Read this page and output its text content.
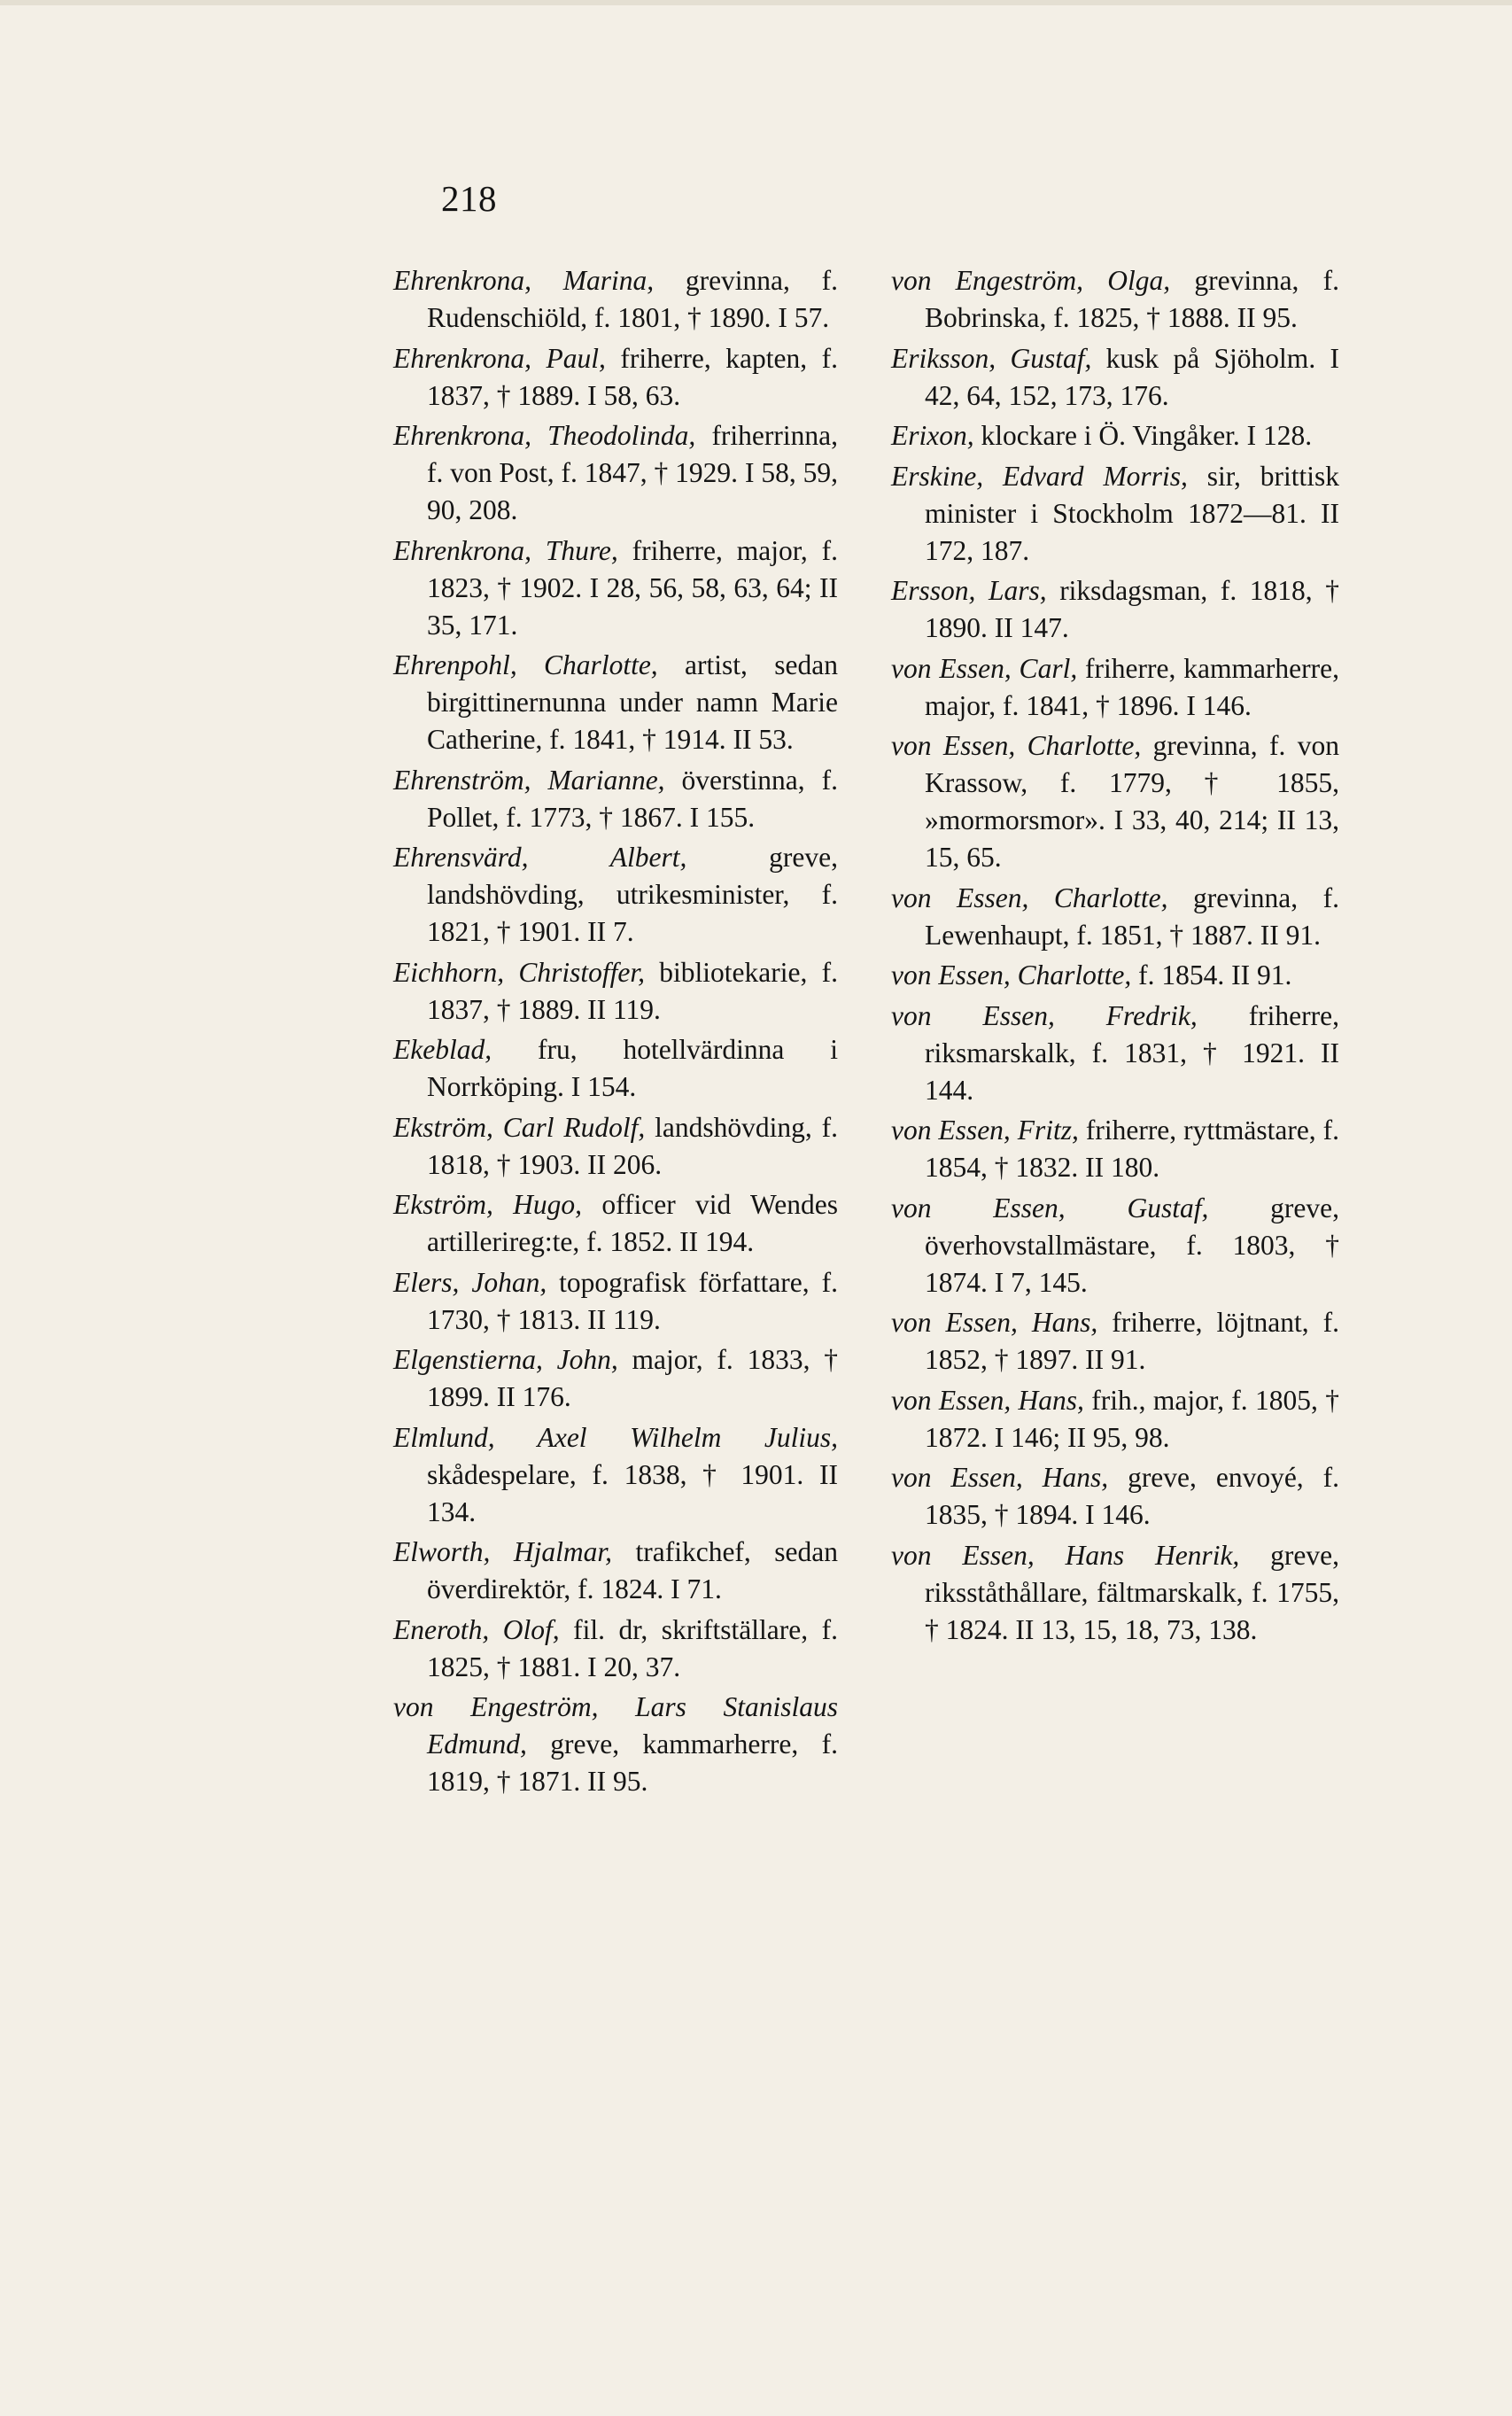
218

Ehrenkrona, Marina, grevinna, f. Rudenschiöld, f. 1801, † 1890. I 57.

Ehrenkrona, Paul, friherre, kapten, f. 1837, † 1889. I 58, 63.

Ehrenkrona, Theodolinda, friherrinna, f. von Post, f. 1847, † 1929. I 58, 59, 90, 208.

Ehrenkrona, Thure, friherre, major, f. 1823, † 1902. I 28, 56, 58, 63, 64; II 35, 171.

Ehrenpohl, Charlotte, artist, sedan birgittinernunna under namn Marie Catherine, f. 1841, † 1914. II 53.

Ehrenström, Marianne, överstinna, f. Pollet, f. 1773, † 1867. I 155.

Ehrensvärd, Albert, greve, landshövding, utrikesminister, f. 1821, † 1901. II 7.

Eichhorn, Christoffer, bibliotekarie, f. 1837, † 1889. II 119.

Ekeblad, fru, hotellvärdinna i Norrköping. I 154.

Ekström, Carl Rudolf, landshövding, f. 1818, † 1903. II 206.

Ekström, Hugo, officer vid Wendes artillerireg:te, f. 1852. II 194.

Elers, Johan, topografisk författare, f. 1730, † 1813. II 119.

Elgenstierna, John, major, f. 1833, † 1899. II 176.

Elmlund, Axel Wilhelm Julius, skådespelare, f. 1838, † 1901. II 134.

Elworth, Hjalmar, trafikchef, sedan överdirektör, f. 1824. I 71.

Eneroth, Olof, fil. dr, skriftställare, f. 1825, † 1881. I 20, 37.

von Engeström, Lars Stanislaus Edmund, greve, kammarherre, f. 1819, † 1871. II 95.

von Engeström, Olga, grevinna, f. Bobrinska, f. 1825, † 1888. II 95.

Eriksson, Gustaf, kusk på Sjöholm. I 42, 64, 152, 173, 176.

Erixon, klockare i Ö. Vingåker. I 128.

Erskine, Edvard Morris, sir, brittisk minister i Stockholm 1872—81. II 172, 187.

Ersson, Lars, riksdagsman, f. 1818, † 1890. II 147.

von Essen, Carl, friherre, kammarherre, major, f. 1841, † 1896. I 146.

von Essen, Charlotte, grevinna, f. von Krassow, f. 1779, † 1855, »mormorsmor». I 33, 40, 214; II 13, 15, 65.

von Essen, Charlotte, grevinna, f. Lewenhaupt, f. 1851, † 1887. II 91.

von Essen, Charlotte, f. 1854. II 91.

von Essen, Fredrik, friherre, riksmarskalk, f. 1831, † 1921. II 144.

von Essen, Fritz, friherre, ryttmästare, f. 1854, † 1832. II 180.

von Essen, Gustaf, greve, överhovstallmästare, f. 1803, † 1874. I 7, 145.

von Essen, Hans, friherre, löjtnant, f. 1852, † 1897. II 91.

von Essen, Hans, frih., major, f. 1805, † 1872. I 146; II 95, 98.

von Essen, Hans, greve, envoyé, f. 1835, † 1894. I 146.

von Essen, Hans Henrik, greve, riksståthållare, fältmarskalk, f. 1755, † 1824. II 13, 15, 18, 73, 138.
